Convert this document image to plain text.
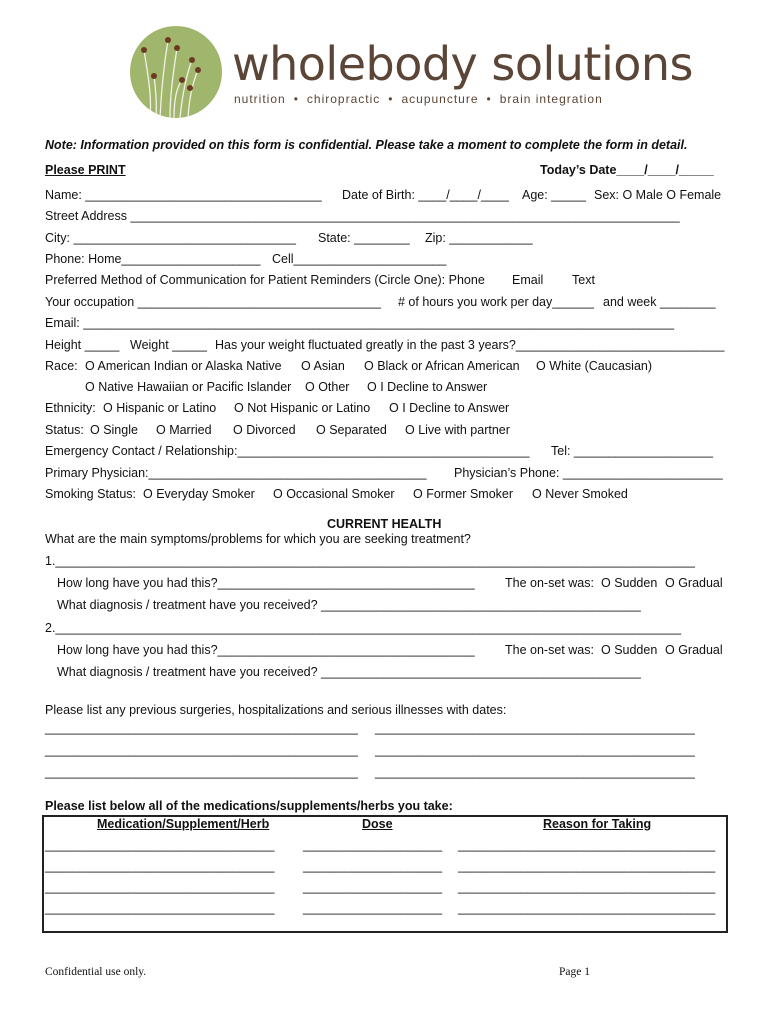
wholebody solutions
nutrition • chiropractic • acupuncture • brain integration
Note: Information provided on this form is confidential. Please take a moment to complete the form in detail.
Please PRINT	Today’s Date____/____/_____
Name: __________________________________ Date of Birth: ____/____/____ Age: _____ Sex: O Male O Female
Street Address _______________________________________________________________________________
City: ________________________________ State: ________ Zip: ____________
Phone: Home____________________ Cell______________________
Preferred Method of Communication for Patient Reminders (Circle One): Phone Email Text
Your occupation ___________________________________ # of hours you work per day______ and week ________
Email: _____________________________________________________________________________________
Height _____ Weight _____ Has your weight fluctuated greatly in the past 3 years?______________________________
Race: O American Indian or Alaska Native O Asian O Black or African American O White (Caucasian)
O Native Hawaiian or Pacific Islander O Other O I Decline to Answer
Ethnicity: O Hispanic or Latino O Not Hispanic or Latino O I Decline to Answer
Status: O Single O Married O Divorced O Separated O Live with partner
Emergency Contact / Relationship:__________________________________________ Tel: ____________________
Primary Physician:________________________________________ Physician’s Phone: _______________________
Smoking Status: O Everyday Smoker O Occasional Smoker O Former Smoker O Never Smoked
CURRENT HEALTH
What are the main symptoms/problems for which you are seeking treatment?
1.____________________________________________________________________________________________
How long have you had this?_____________________________________ The on-set was: O Sudden O Gradual
What diagnosis / treatment have you received? ______________________________________________
2.__________________________________________________________________________________________
How long have you had this?_____________________________________ The on-set was: O Sudden O Gradual
What diagnosis / treatment have you received? ______________________________________________
Please list any previous surgeries, hospitalizations and serious illnesses with dates:
_____________________________________________ ______________________________________________
_____________________________________________ ______________________________________________
_____________________________________________ ______________________________________________
Please list below all of the medications/supplements/herbs you take:
Medication/Supplement/Herb	Dose	Reason for Taking
_________________________________ ____________________ _____________________________________
_________________________________ ____________________ _____________________________________
_________________________________ ____________________ _____________________________________
_________________________________ ____________________ _____________________________________
Confidential use only.	Page 1
